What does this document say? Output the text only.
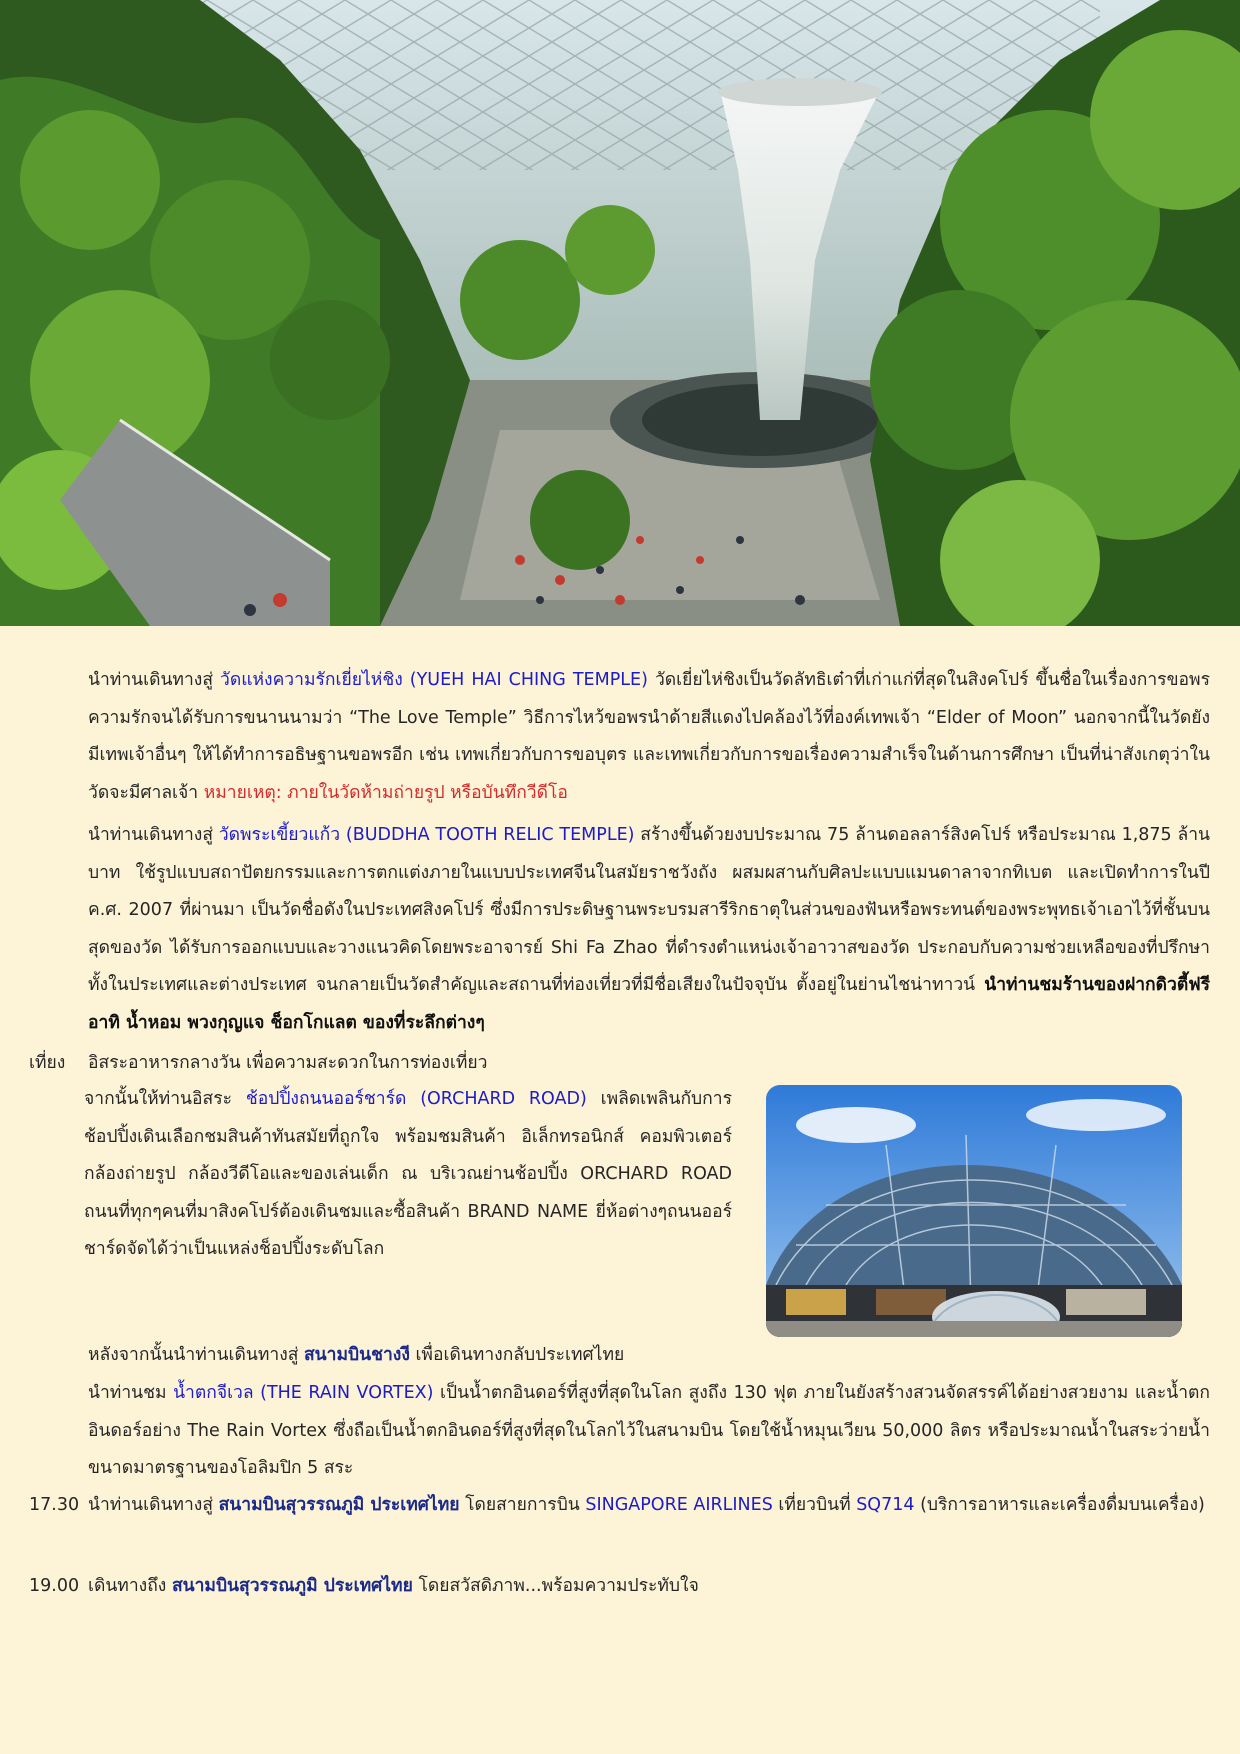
นำท่านเดินทางสู่ วัดแห่งความรักเยี่ยไห่ชิง (YUEH HAI CHING TEMPLE) วัดเยี่ยไห่ชิงเป็นวัดลัทธิเต๋าที่เก่าแก่ที่สุดในสิงคโปร์ ขึ้นชื่อในเรื่องการขอพรความรักจนได้รับการขนานนามว่า “The Love Temple” วิธีการไหว้ขอพรนำด้ายสีแดงไปคล้องไว้ที่องค์เทพเจ้า “Elder of Moon” นอกจากนี้ในวัดยังมีเทพเจ้าอื่นๆ ให้ได้ทำการอธิษฐานขอพรอีก เช่น เทพเกี่ยวกับการขอบุตร และเทพเกี่ยวกับการขอเรื่องความสำเร็จในด้านการศึกษา เป็นที่น่าสังเกตุว่าในวัดจะมีศาลเจ้า หมายเหตุ: ภายในวัดห้ามถ่ายรูป หรือบันทึกวีดีโอ
นำท่านเดินทางสู่ วัดพระเขี้ยวแก้ว (BUDDHA TOOTH RELIC TEMPLE) สร้างขึ้นด้วยงบประมาณ 75 ล้านดอลลาร์สิงคโปร์ หรือประมาณ 1,875 ล้านบาท ใช้รูปแบบสถาปัตยกรรมและการตกแต่งภายในแบบประเทศจีนในสมัยราชวังถัง ผสมผสานกับศิลปะแบบแมนดาลาจากทิเบต และเปิดทำการในปี ค.ศ. 2007 ที่ผ่านมา เป็นวัดชื่อดังในประเทศสิงคโปร์ ซึ่งมีการประดิษฐานพระบรมสารีริกธาตุในส่วนของฟันหรือพระทนต์ของพระพุทธเจ้าเอาไว้ที่ชั้นบนสุดของวัด ได้รับการออกแบบและวางแนวคิดโดยพระอาจารย์ Shi Fa Zhao ที่ดำรงตำแหน่งเจ้าอาวาสของวัด ประกอบกับความช่วยเหลือของที่ปรึกษาทั้งในประเทศและต่างประเทศ จนกลายเป็นวัดสำคัญและสถานที่ท่องเที่ยวที่มีชื่อเสียงในปัจจุบัน ตั้งอยู่ในย่านไชน่าทาวน์ นำท่านชมร้านของฝากดิวตี้ฟรี อาทิ น้ำหอม พวงกุญแจ ช็อกโกแลต ของที่ระลึกต่างๆ
เที่ยง อิสระอาหารกลางวัน เพื่อความสะดวกในการท่องเที่ยว
จากนั้นให้ท่านอิสระ ช้อปปิ้งถนนออร์ชาร์ด (ORCHARD ROAD) เพลิดเพลินกับการช้อปปิ้งเดินเลือกชมสินค้าทันสมัยที่ถูกใจ พร้อมชมสินค้า อิเล็กทรอนิกส์ คอมพิวเตอร์ กล้องถ่ายรูป กล้องวีดีโอและของเล่นเด็ก ณ บริเวณย่านช้อปปิ้ง ORCHARD ROAD ถนนที่ทุกๆคนที่มาสิงคโปร์ต้องเดินชมและซื้อสินค้า BRAND NAME ยี่ห้อต่างๆถนนออร์ชาร์ดจัดได้ว่าเป็นแหล่งช็อปปิ้งระดับโลก
หลังจากนั้นนำท่านเดินทางสู่ สนามบินชางงี เพื่อเดินทางกลับประเทศไทย
นำท่านชม น้ำตกจีเวล (THE RAIN VORTEX) เป็นน้ำตกอินดอร์ที่สูงที่สุดในโลก สูงถึง 130 ฟุต ภายในยังสร้างสวนจัดสรรค์ได้อย่างสวยงาม และน้ำตกอินดอร์อย่าง The Rain Vortex ซึ่งถือเป็นน้ำตกอินดอร์ที่สูงที่สุดในโลกไว้ในสนามบิน โดยใช้น้ำหมุนเวียน 50,000 ลิตร หรือประมาณน้ำในสระว่ายน้ำขนาดมาตรฐานของโอลิมปิก 5 สระ
17.30 นำท่านเดินทางสู่ สนามบินสุวรรณภูมิ ประเทศไทย โดยสายการบิน SINGAPORE AIRLINES เที่ยวบินที่ SQ714 (บริการอาหารและเครื่องดื่มบนเครื่อง)
19.00 เดินทางถึง สนามบินสุวรรณภูมิ ประเทศไทย โดยสวัสดิภาพ...พร้อมความประทับใจ
